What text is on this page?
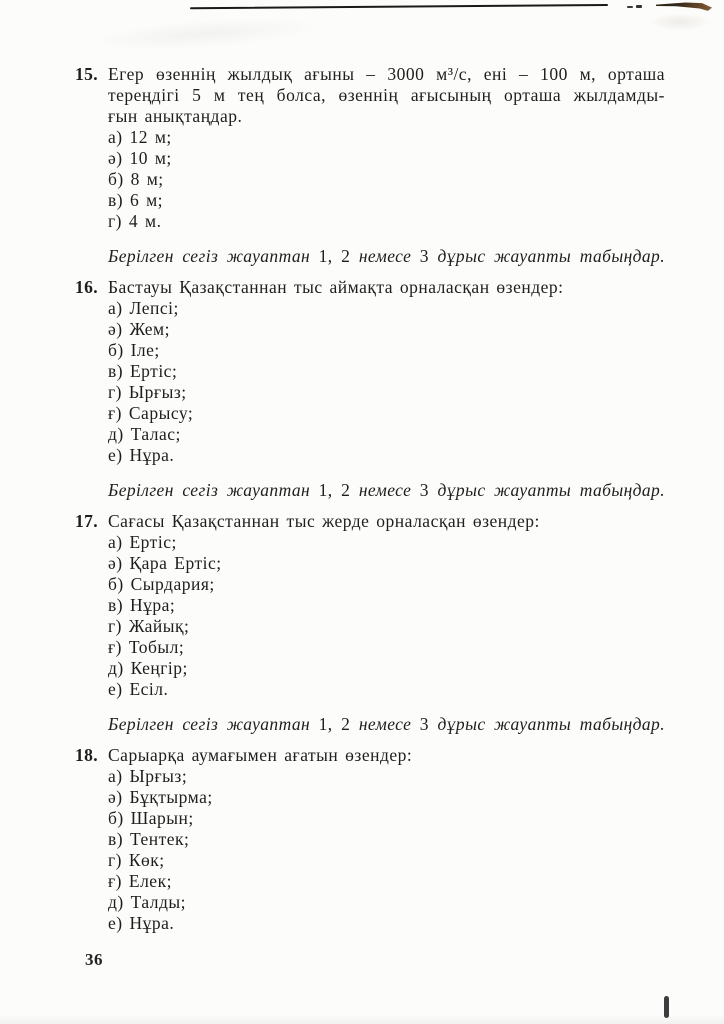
15. Егер өзеннің жылдық ағыны – 3000 м³/с, ені – 100 м, орташа
тереңдігі 5 м тең болса, өзеннің ағысының орташа жылдамды-
ғын анықтаңдар.
а) 12 м;
ә) 10 м;
б) 8 м;
в) 6 м;
г) 4 м.
Берілген сегіз жауаптан 1, 2 немесе 3 дұрыс жауапты табыңдар.
16. Бастауы Қазақстаннан тыс аймақта орналасқан өзендер:
а) Лепсі;
ә) Жем;
б) Іле;
в) Ертіс;
г) Ырғыз;
ғ) Сарысу;
д) Талас;
е) Нұра.
Берілген сегіз жауаптан 1, 2 немесе 3 дұрыс жауапты табыңдар.
17. Сағасы Қазақстаннан тыс жерде орналасқан өзендер:
а) Ертіс;
ә) Қара Ертіс;
б) Сырдария;
в) Нұра;
г) Жайық;
ғ) Тобыл;
д) Кеңгір;
е) Есіл.
Берілген сегіз жауаптан 1, 2 немесе 3 дұрыс жауапты табыңдар.
18. Сарыарқа аумағымен ағатын өзендер:
а) Ырғыз;
ә) Бұқтырма;
б) Шарын;
в) Тентек;
г) Көк;
ғ) Елек;
д) Талды;
е) Нұра.
36
